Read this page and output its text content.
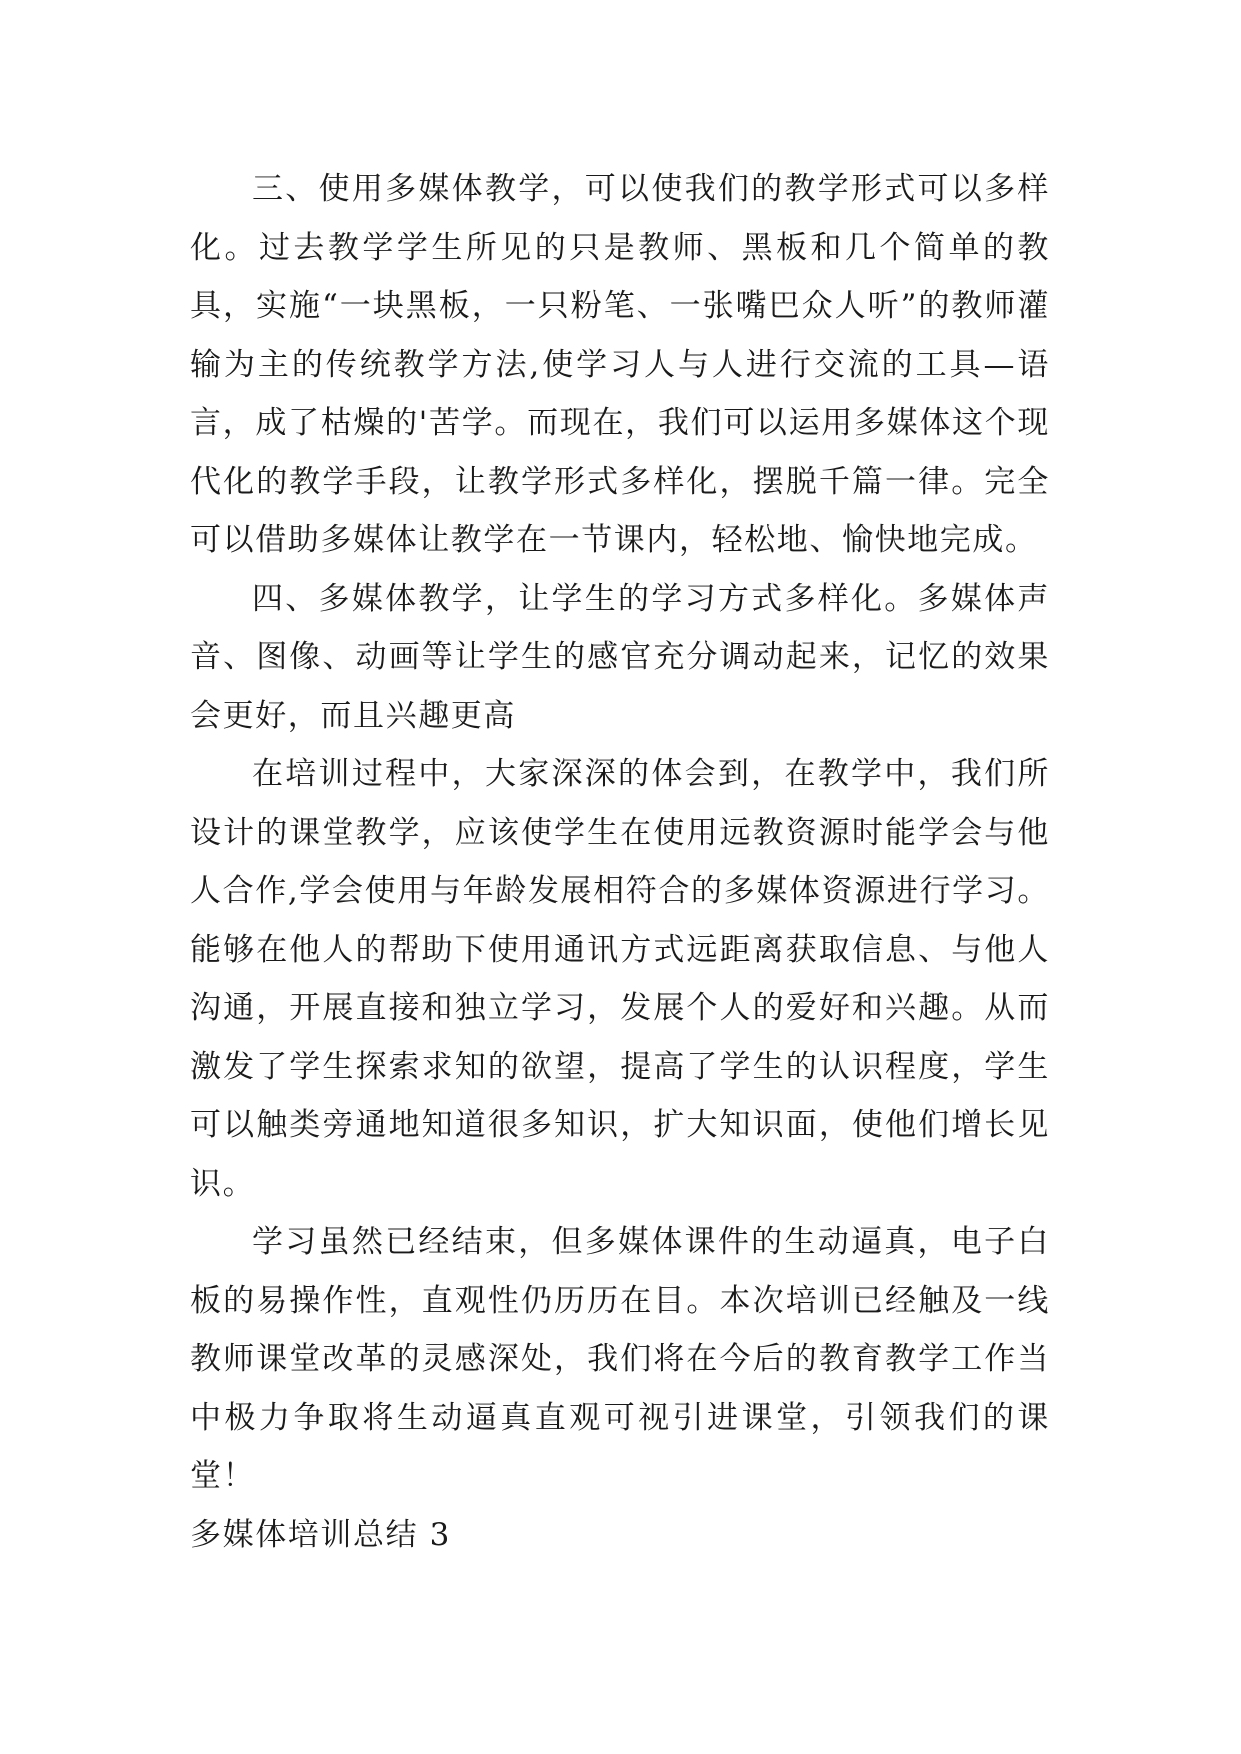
三、使用多媒体教学，可以使我们的教学形式可以多样化。过去教学学生所见的只是教师、黑板和几个简单的教具，实施“一块黑板，一只粉笔、一张嘴巴众人听”的教师灌输为主的传统教学方法,使学习人与人进行交流的工具—语言，成了枯燥的'苦学。而现在，我们可以运用多媒体这个现代化的教学手段，让教学形式多样化，摆脱千篇一律。完全可以借助多媒体让教学在一节课内，轻松地、愉快地完成。

四、多媒体教学，让学生的学习方式多样化。多媒体声音、图像、动画等让学生的感官充分调动起来，记忆的效果会更好，而且兴趣更高

在培训过程中，大家深深的体会到，在教学中，我们所设计的课堂教学，应该使学生在使用远教资源时能学会与他人合作,学会使用与年龄发展相符合的多媒体资源进行学习。能够在他人的帮助下使用通讯方式远距离获取信息、与他人沟通，开展直接和独立学习，发展个人的爱好和兴趣。从而激发了学生探索求知的欲望，提高了学生的认识程度，学生可以触类旁通地知道很多知识，扩大知识面，使他们增长见识。

学习虽然已经结束，但多媒体课件的生动逼真，电子白板的易操作性，直观性仍历历在目。本次培训已经触及一线教师课堂改革的灵感深处，我们将在今后的教育教学工作当中极力争取将生动逼真直观可视引进课堂，引领我们的课堂！

多媒体培训总结 3
